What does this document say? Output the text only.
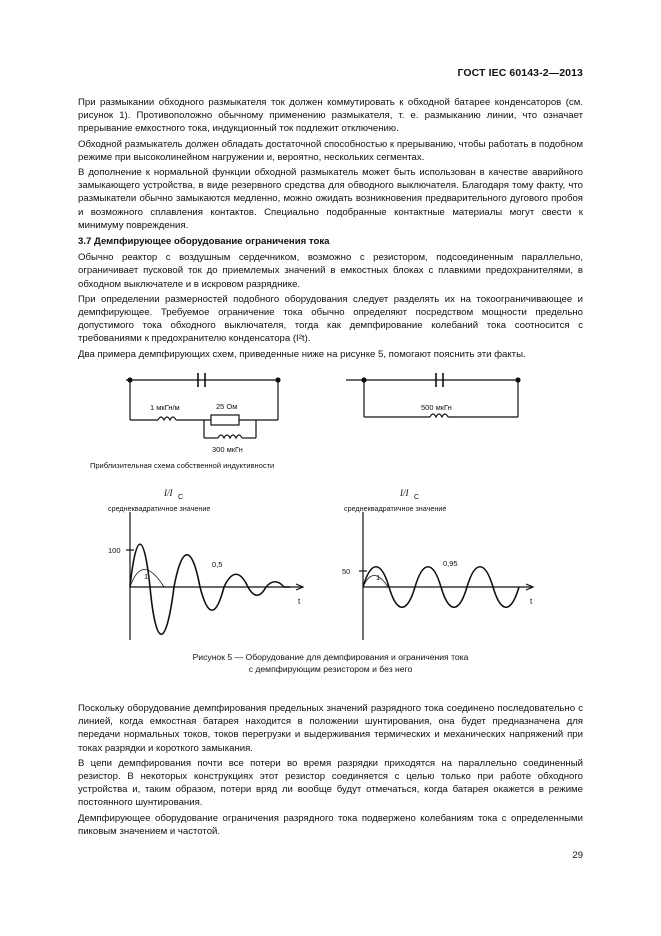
ГОСТ IEC 60143-2—2013

При размыкании обходного размыкателя ток должен коммутировать к обходной батарее конденсаторов (см. рисунок 1). Противоположно обычному применению размыкателя, т. е. размыканию линии, что означает прерывание емкостного тока, индукционный ток подлежит отключению.

Обходной размыкатель должен обладать достаточной способностью к прерыванию, чтобы работать в подобном режиме при высоколинейном нагружении и, вероятно, нескольких сегментах.

В дополнение к нормальной функции обходной размыкатель может быть использован в качестве аварийного замыкающего устройства, в виде резервного средства для обводного выключателя. Благодаря тому факту, что размыкатели обычно замыкаются медленно, можно ожидать возникновения предварительного дугового пробоя и возможного сплавления контактов. Специально подобранные контактные материалы могут свести к минимуму повреждения.

3.7 Демпфирующее оборудование ограничения тока

Обычно реактор с воздушным сердечником, возможно с резистором, подсоединенным параллельно, ограничивает пусковой ток до приемлемых значений в емкостных блоках с плавкими предохранителями, в обходном выключателе и в искровом разряднике.

При определении размерностей подобного оборудования следует разделять их на токоограничивающее и демпфирующее. Требуемое ограничение тока обычно определяют посредством мощности предельно допустимого тока обходного выключателя, тогда как демпфирование колебаний тока соотносится с требованиями к предохранителю конденсатора (I²t).

Два примера демпфирующих схем, приведенные ниже на рисунке 5, помогают пояснить эти факты.

1 мкГн/м	25 Ом
300 мкГн
500 мкГн
Приблизительная схема собственной индуктивности
I/I C
среднеквадратичное значение
100
1
0,5
t
I/I C
среднеквадратичное значение
50
1
0,95
t
Рисунок 5 — Оборудование для демпфирования и ограничения тока
с демпфирующим резистором и без него

Поскольку оборудование демпфирования предельных значений разрядного тока соединено последовательно с линией, когда емкостная батарея находится в положении шунтирования, она будет предназначена для передачи нормальных токов, токов перегрузки и выдерживания термических и механических напряжений при токах разрядки и короткого замыкания.

В цепи демпфирования почти все потери во время разрядки приходятся на параллельно соединенный резистор. В некоторых конструкциях этот резистор соединяется с целью только при работе обходного устройства и, таким образом, потери вряд ли вообще будут отмечаться, когда батарея окажется в режиме постоянного шунтирования.

Демпфирующее оборудование ограничения разрядного тока подвержено колебаниям тока с определенными пиковым значением и частотой.

29
